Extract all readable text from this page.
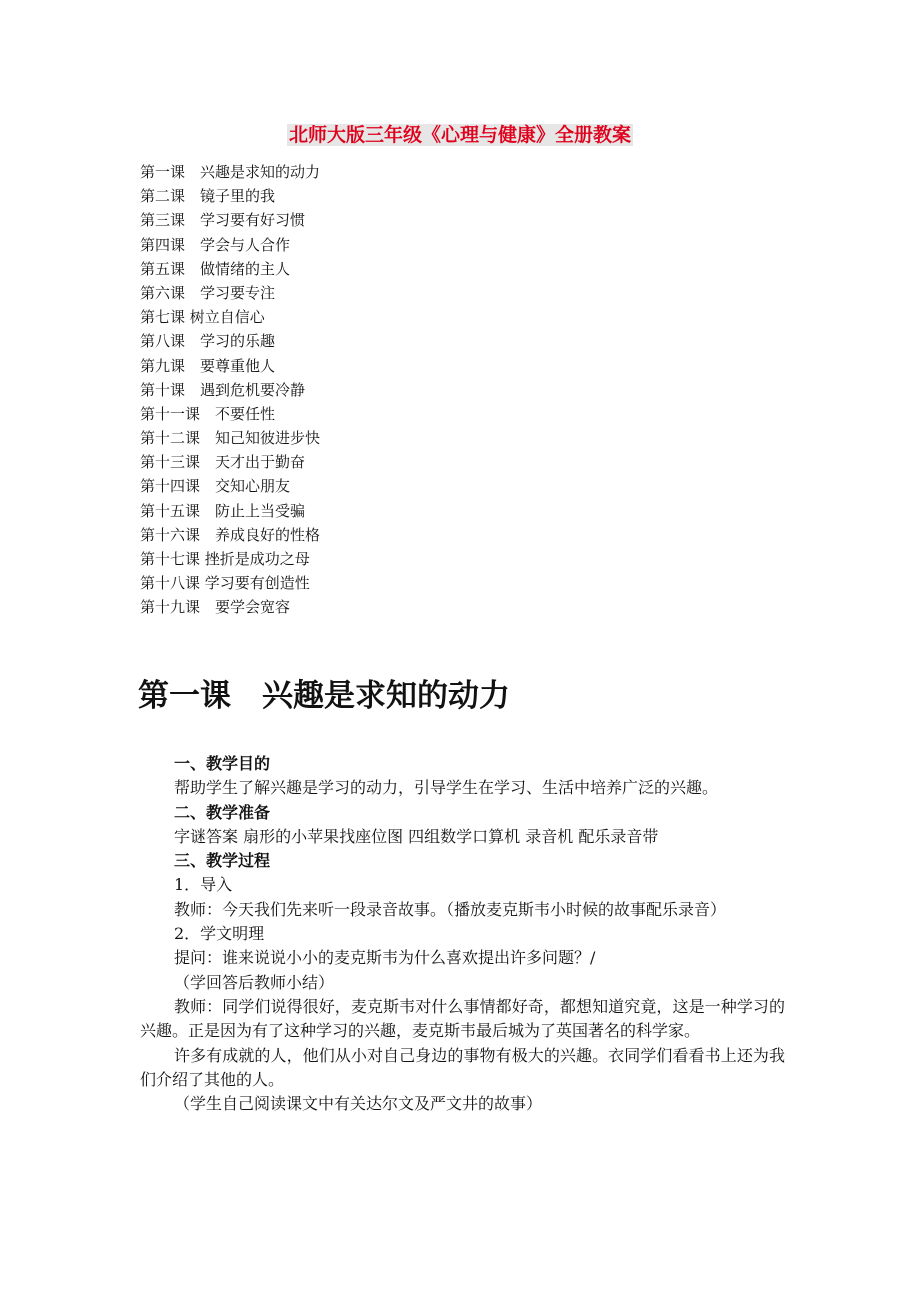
北师大版三年级《心理与健康》全册教案
第一课　兴趣是求知的动力
第二课　镜子里的我
第三课　学习要有好习惯
第四课　学会与人合作
第五课　做情绪的主人
第六课　学习要专注
第七课 树立自信心
第八课　学习的乐趣
第九课　要尊重他人
第十课　遇到危机要冷静
第十一课　不要任性
第十二课　知己知彼进步快
第十三课　天才出于勤奋
第十四课　交知心朋友
第十五课　防止上当受骗
第十六课　养成良好的性格
第十七课 挫折是成功之母
第十八课 学习要有创造性
第十九课　要学会宽容
第一课　兴趣是求知的动力

一、教学目的

帮助学生了解兴趣是学习的动力，引导学生在学习、生活中培养广泛的兴趣。

二、教学准备

字谜答案 扇形的小苹果找座位图 四组数学口算机 录音机 配乐录音带

三、教学过程

1．导入

教师：今天我们先来听一段录音故事。（播放麦克斯韦小时候的故事配乐录音）

2．学文明理

提问：谁来说说小小的麦克斯韦为什么喜欢提出许多问题？/

（学回答后教师小结）

教师：同学们说得很好，麦克斯韦对什么事情都好奇，都想知道究竟，这是一种学习的兴趣。正是因为有了这种学习的兴趣，麦克斯韦最后城为了英国著名的科学家。

许多有成就的人，他们从小对自己身边的事物有极大的兴趣。衣同学们看看书上还为我们介绍了其他的人。

（学生自己阅读课文中有关达尔文及严文井的故事）
